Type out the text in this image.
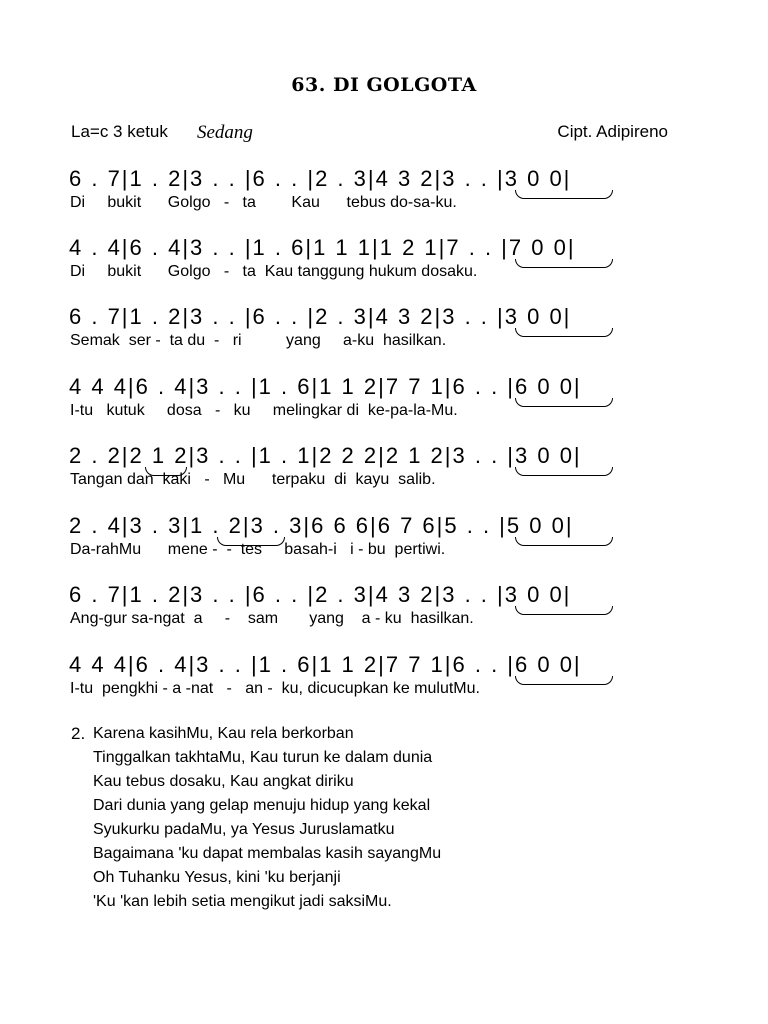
63. DI GOLGOTA
La=c 3 ketuk Sedang	Cipt. Adipireno
6 . 7|1 . 2|3 . . |6 . . |2 . 3|4 3 2|3 . . |3 0 0|
Di     bukit      Golgo   -   ta        Kau      tebus do-sa-ku.
4 . 4|6 . 4|3 . . |1 . 6|1 1 1|1 2 1|7 . . |7 0 0|
Di     bukit      Golgo   -   ta  Kau tanggung hukum dosaku.
6 . 7|1 . 2|3 . . |6 . . |2 . 3|4 3 2|3 . . |3 0 0|
Semak  ser -  ta du  -   ri          yang     a-ku  hasilkan.
4 4 4|6 . 4|3 . . |1 . 6|1 1 2|7 7 1|6 . . |6 0 0|
I-tu   kutuk     dosa   -   ku     melingkar di  ke-pa-la-Mu.
2 . 2|2 1 2|3 . . |1 . 1|2 2 2|2 1 2|3 . . |3 0 0|
Tangan dan  kaki   -   Mu      terpaku  di  kayu  salib.
2 . 4|3 . 3|1 . 2|3 . 3|6 6 6|6 7 6|5 . . |5 0 0|
Da-rahMu      mene -  -  tes     basah-i   i - bu  pertiwi.
6 . 7|1 . 2|3 . . |6 . . |2 . 3|4 3 2|3 . . |3 0 0|
Ang-gur sa-ngat  a     -    sam       yang    a - ku  hasilkan.
4 4 4|6 . 4|3 . . |1 . 6|1 1 2|7 7 1|6 . . |6 0 0|
I-tu  pengkhi - a -nat   -   an -  ku, dicucupkan ke mulutMu.
2. Karena kasihMu, Kau rela berkorban
Tinggalkan takhtaMu, Kau turun ke dalam dunia
Kau tebus dosaku, Kau angkat diriku
Dari dunia yang gelap menuju hidup yang kekal
Syukurku padaMu, ya Yesus Juruslamatku
Bagaimana 'ku dapat membalas kasih sayangMu
Oh Tuhanku Yesus, kini 'ku berjanji
'Ku 'kan lebih setia mengikut jadi saksiMu.
